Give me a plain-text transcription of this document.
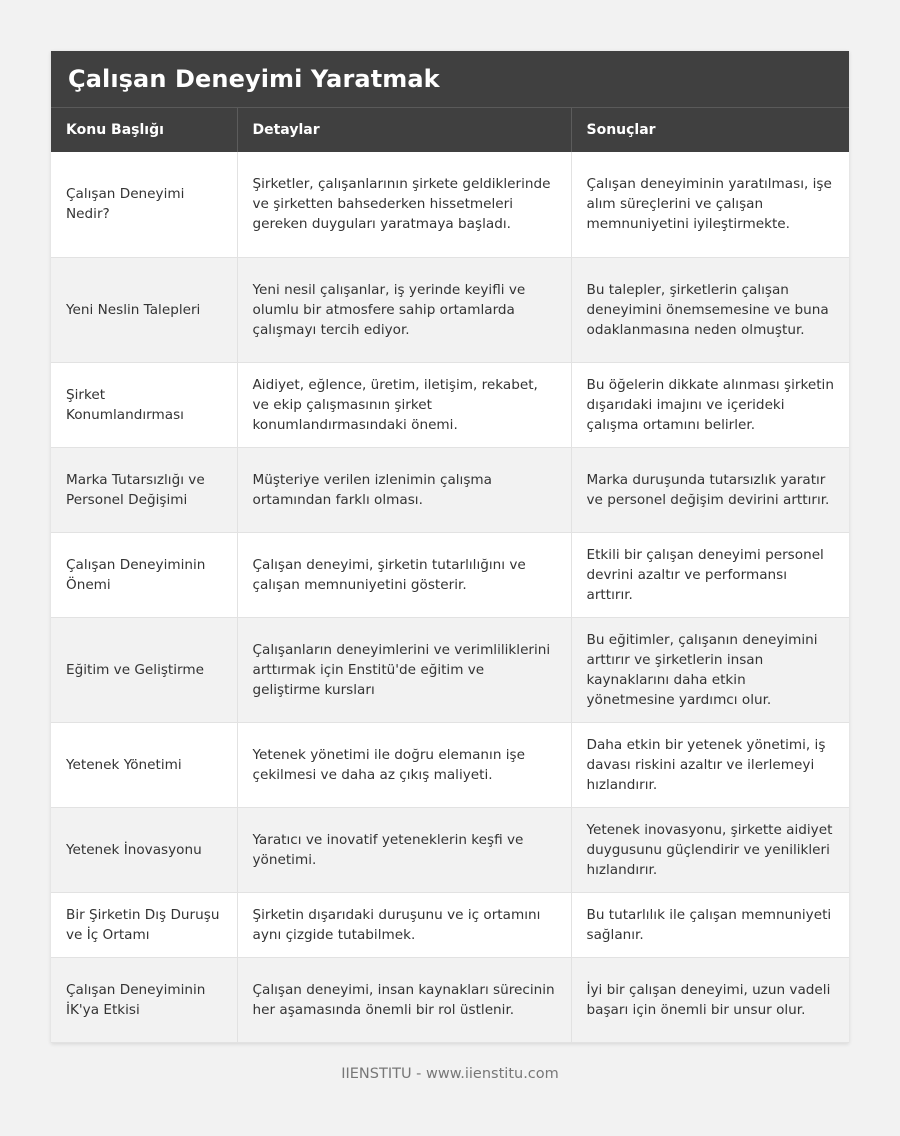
Çalışan Deneyimi Yaratmak
Konu Başlığı	Detaylar	Sonuçlar
Çalışan Deneyimi Nedir?	Şirketler, çalışanlarının şirkete geldiklerinde ve şirketten bahsederken hissetmeleri gereken duyguları yaratmaya başladı.	Çalışan deneyiminin yaratılması, işe alım süreçlerini ve çalışan memnuniyetini iyileştirmekte.
Yeni Neslin Talepleri	Yeni nesil çalışanlar, iş yerinde keyifli ve olumlu bir atmosfere sahip ortamlarda çalışmayı tercih ediyor.	Bu talepler, şirketlerin çalışan deneyimini önemsemesine ve buna odaklanmasına neden olmuştur.
Şirket Konumlandırması	Aidiyet, eğlence, üretim, iletişim, rekabet, ve ekip çalışmasının şirket konumlandırmasındaki önemi.	Bu öğelerin dikkate alınması şirketin dışarıdaki imajını ve içerideki çalışma ortamını belirler.
Marka Tutarsızlığı ve Personel Değişimi	Müşteriye verilen izlenimin çalışma ortamından farklı olması.	Marka duruşunda tutarsızlık yaratır ve personel değişim devirini arttırır.
Çalışan Deneyiminin Önemi	Çalışan deneyimi, şirketin tutarlılığını ve çalışan memnuniyetini gösterir.	Etkili bir çalışan deneyimi personel devrini azaltır ve performansı arttırır.
Eğitim ve Geliştirme	Çalışanların deneyimlerini ve verimliliklerini arttırmak için Enstitü'de eğitim ve geliştirme kursları	Bu eğitimler, çalışanın deneyimini arttırır ve şirketlerin insan kaynaklarını daha etkin yönetmesine yardımcı olur.
Yetenek Yönetimi	Yetenek yönetimi ile doğru elemanın işe çekilmesi ve daha az çıkış maliyeti.	Daha etkin bir yetenek yönetimi, iş davası riskini azaltır ve ilerlemeyi hızlandırır.
Yetenek İnovasyonu	Yaratıcı ve inovatif yeteneklerin keşfi ve yönetimi.	Yetenek inovasyonu, şirkette aidiyet duygusunu güçlendirir ve yenilikleri hızlandırır.
Bir Şirketin Dış Duruşu ve İç Ortamı	Şirketin dışarıdaki duruşunu ve iç ortamını aynı çizgide tutabilmek.	Bu tutarlılık ile çalışan memnuniyeti sağlanır.
Çalışan Deneyiminin İK'ya Etkisi	Çalışan deneyimi, insan kaynakları sürecinin her aşamasında önemli bir rol üstlenir.	İyi bir çalışan deneyimi, uzun vadeli başarı için önemli bir unsur olur.
IIENSTITU - www.iienstitu.com
